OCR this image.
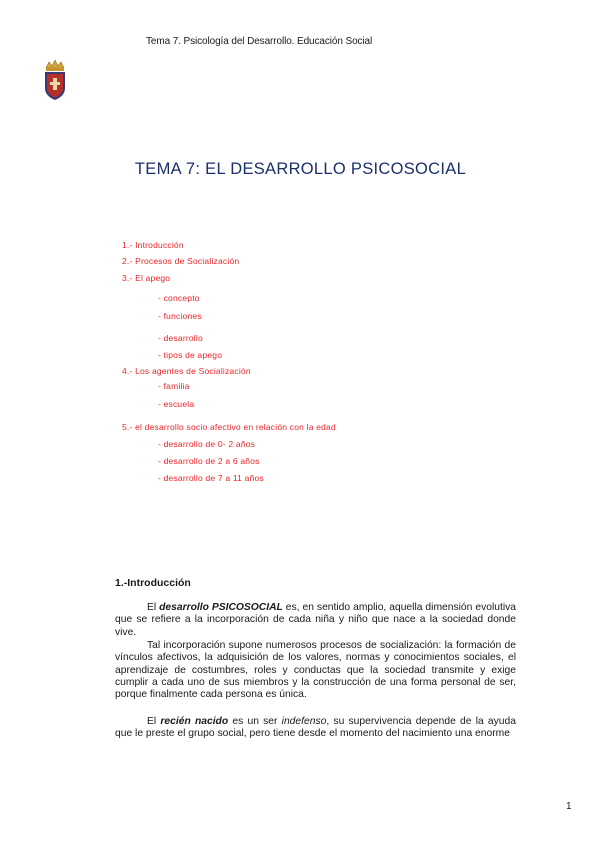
Tema 7. Psicología del Desarrollo. Educación Social
TEMA 7: EL DESARROLLO PSICOSOCIAL
1.- Introducción
2.- Procesos de Socialización
3.- El apego
- concepto
- funciones
- desarrollo
- tipos de apego
4.- Los agentes de Socialización
- familia
- escuela
5.- el desarrollo socio afectivo en relación con la edad
- desarrollo de 0- 2 años
- desarrollo de 2 a 6 años
- desarrollo de 7 a 11 años
1.-Introducción
El desarrollo PSICOSOCIAL es, en sentido amplio, aquella dimensión evolutiva que se refiere a la incorporación de cada niña y niño que nace a la sociedad donde vive.
Tal incorporación supone numerosos procesos de socialización: la formación de vínculos afectivos, la adquisición de los valores, normas y conocimientos sociales, el aprendizaje de costumbres, roles y conductas que la sociedad transmite y exige cumplir a cada uno de sus miembros y la construcción de una forma personal de ser, porque finalmente cada persona es única.
El recién nacido es un ser indefenso, su supervivencia depende de la ayuda que le preste el grupo social, pero tiene desde el momento del nacimiento una enorme
1
